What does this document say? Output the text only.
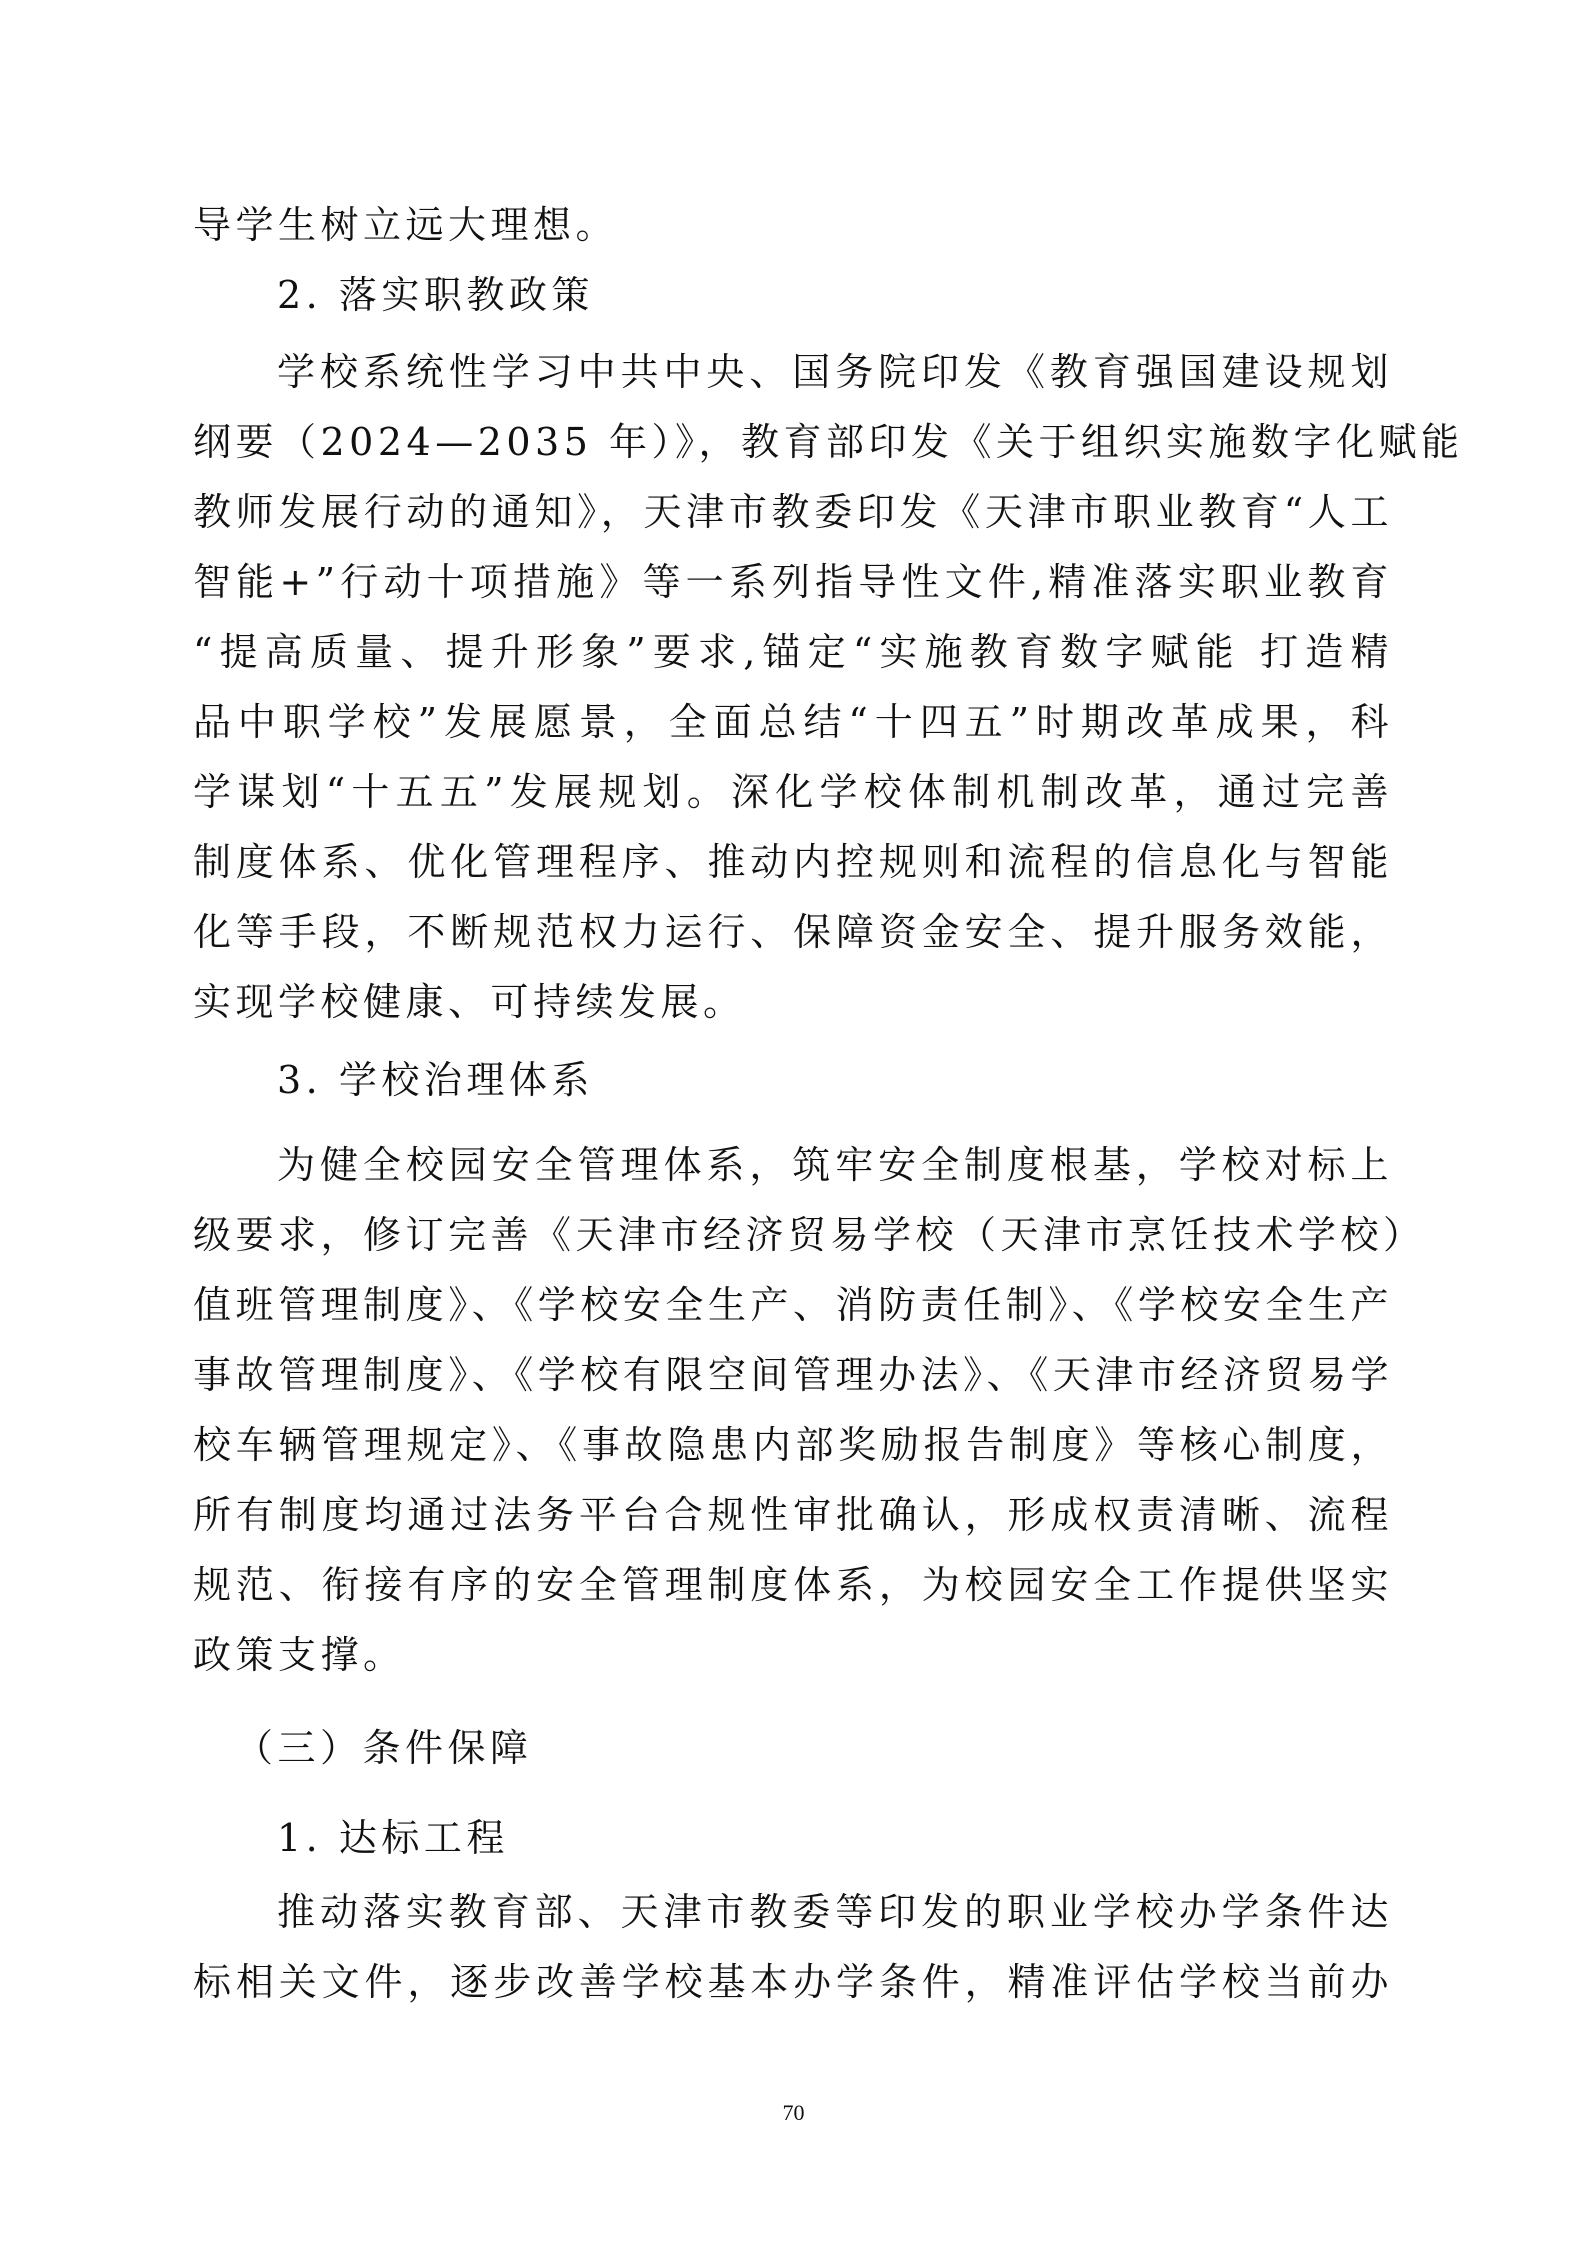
导学生树立远大理想。
2. 落实职教政策
学校系统性学习中共中央、国务院印发《教育强国建设规划
纲要（2024—2035 年）》，教育部印发《关于组织实施数字化赋能
教师发展行动的通知》，天津市教委印发《天津市职业教育“人工
智能+”行动十项措施》等一系列指导性文件,精准落实职业教育
“提高质量、提升形象”要求,锚定“实施教育数字赋能 打造精
品中职学校”发展愿景，全面总结“十四五”时期改革成果，科
学谋划“十五五”发展规划。深化学校体制机制改革，通过完善
制度体系、优化管理程序、推动内控规则和流程的信息化与智能
化等手段，不断规范权力运行、保障资金安全、提升服务效能，
实现学校健康、可持续发展。
3. 学校治理体系
为健全校园安全管理体系，筑牢安全制度根基，学校对标上
级要求，修订完善《天津市经济贸易学校（天津市烹饪技术学校）
值班管理制度》、《学校安全生产、消防责任制》、《学校安全生产
事故管理制度》、《学校有限空间管理办法》、《天津市经济贸易学
校车辆管理规定》、《事故隐患内部奖励报告制度》等核心制度，
所有制度均通过法务平台合规性审批确认，形成权责清晰、流程
规范、衔接有序的安全管理制度体系，为校园安全工作提供坚实
政策支撑。
（三）条件保障
1. 达标工程
推动落实教育部、天津市教委等印发的职业学校办学条件达
标相关文件，逐步改善学校基本办学条件，精准评估学校当前办
70
